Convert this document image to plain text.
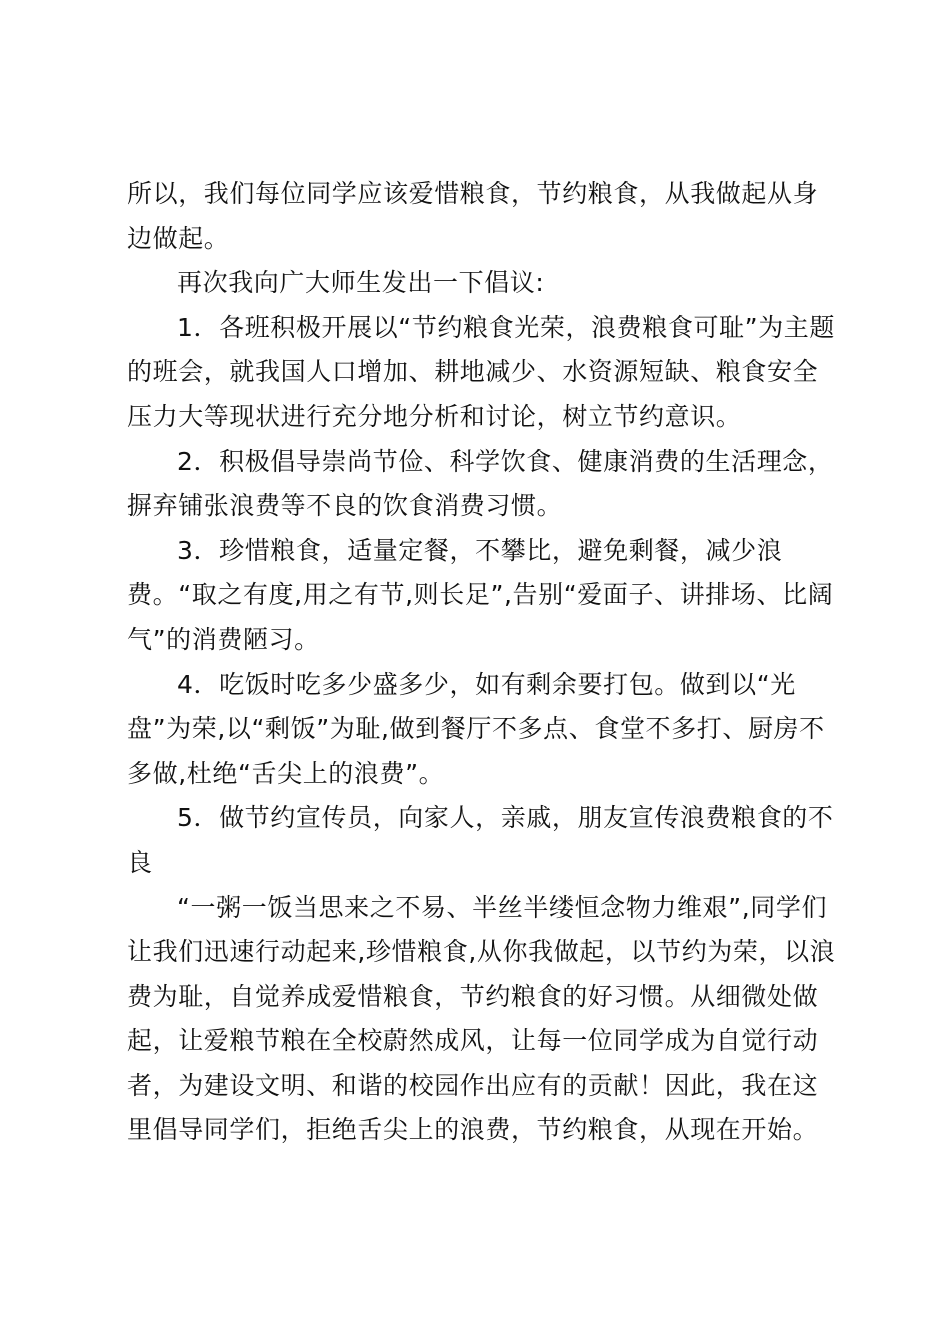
所以，我们每位同学应该爱惜粮食，节约粮食，从我做起从身边做起。

再次我向广大师生发出一下倡议:

1．各班积极开展以“节约粮食光荣，浪费粮食可耻”为主题的班会，就我国人口增加、耕地减少、水资源短缺、粮食安全压力大等现状进行充分地分析和讨论，树立节约意识。

2．积极倡导崇尚节俭、科学饮食、健康消费的生活理念，摒弃铺张浪费等不良的饮食消费习惯。

3．珍惜粮食，适量定餐，不攀比，避免剩餐，减少浪费。“取之有度,用之有节,则长足”,告别“爱面子、讲排场、比阔气”的消费陋习。

4．吃饭时吃多少盛多少，如有剩余要打包。做到以“光盘”为荣,以“剩饭”为耻,做到餐厅不多点、食堂不多打、厨房不多做,杜绝“舌尖上的浪费”。

5．做节约宣传员，向家人，亲戚，朋友宣传浪费粮食的不良

“一粥一饭当思来之不易、半丝半缕恒念物力维艰”,同学们让我们迅速行动起来,珍惜粮食,从你我做起，以节约为荣，以浪费为耻，自觉养成爱惜粮食，节约粮食的好习惯。从细微处做起，让爱粮节粮在全校蔚然成风，让每一位同学成为自觉行动者，为建设文明、和谐的校园作出应有的贡献！因此，我在这里倡导同学们，拒绝舌尖上的浪费，节约粮食，从现在开始。
